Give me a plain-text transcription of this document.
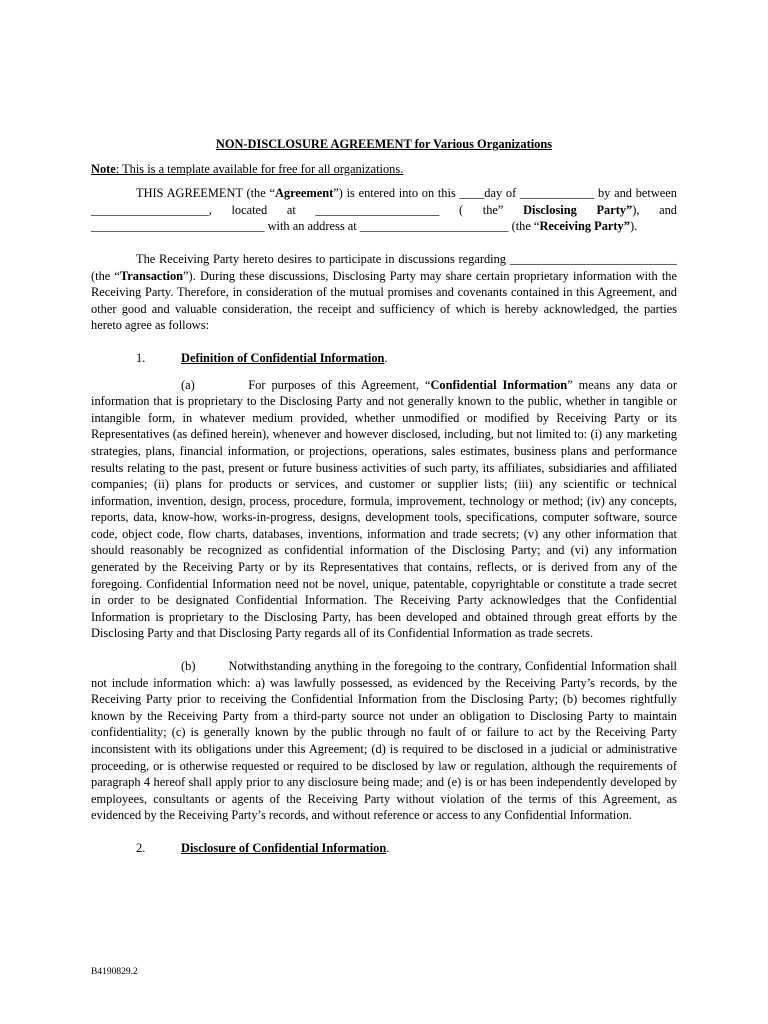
NON-DISCLOSURE AGREEMENT for Various Organizations
Note: This is a template available for free for all organizations.

THIS AGREEMENT (the “Agreement”) is entered into on this ____day of ____________ by and between ___________________, located at ____________________ ( the” Disclosing Party”), and ____________________________ with an address at ________________________ (the “Receiving Party”).

The Receiving Party hereto desires to participate in discussions regarding ___________________________ (the “Transaction”). During these discussions, Disclosing Party may share certain proprietary information with the Receiving Party. Therefore, in consideration of the mutual promises and covenants contained in this Agreement, and other good and valuable consideration, the receipt and sufficiency of which is hereby acknowledged, the parties hereto agree as follows:

1.	Definition of Confidential Information.

(a)	For purposes of this Agreement, “Confidential Information” means any data or information that is proprietary to the Disclosing Party and not generally known to the public, whether in tangible or intangible form, in whatever medium provided, whether unmodified or modified by Receiving Party or its Representatives (as defined herein), whenever and however disclosed, including, but not limited to: (i) any marketing strategies, plans, financial information, or projections, operations, sales estimates, business plans and performance results relating to the past, present or future business activities of such party, its affiliates, subsidiaries and affiliated companies; (ii) plans for products or services, and customer or supplier lists; (iii) any scientific or technical information, invention, design, process, procedure, formula, improvement, technology or method; (iv) any concepts, reports, data, know-how, works-in-progress, designs, development tools, specifications, computer software, source code, object code, flow charts, databases, inventions, information and trade secrets; (v) any other information that should reasonably be recognized as confidential information of the Disclosing Party; and (vi) any information generated by the Receiving Party or by its Representatives that contains, reflects, or is derived from any of the foregoing. Confidential Information need not be novel, unique, patentable, copyrightable or constitute a trade secret in order to be designated Confidential Information. The Receiving Party acknowledges that the Confidential Information is proprietary to the Disclosing Party, has been developed and obtained through great efforts by the Disclosing Party and that Disclosing Party regards all of its Confidential Information as trade secrets.

(b)	Notwithstanding anything in the foregoing to the contrary, Confidential Information shall not include information which: a) was lawfully possessed, as evidenced by the Receiving Party’s records, by the Receiving Party prior to receiving the Confidential Information from the Disclosing Party; (b) becomes rightfully known by the Receiving Party from a third-party source not under an obligation to Disclosing Party to maintain confidentiality; (c) is generally known by the public through no fault of or failure to act by the Receiving Party inconsistent with its obligations under this Agreement; (d) is required to be disclosed in a judicial or administrative proceeding, or is otherwise requested or required to be disclosed by law or regulation, although the requirements of paragraph 4 hereof shall apply prior to any disclosure being made; and (e) is or has been independently developed by employees, consultants or agents of the Receiving Party without violation of the terms of this Agreement, as evidenced by the Receiving Party’s records, and without reference or access to any Confidential Information.

2.	Disclosure of Confidential Information.
B4190829.2
